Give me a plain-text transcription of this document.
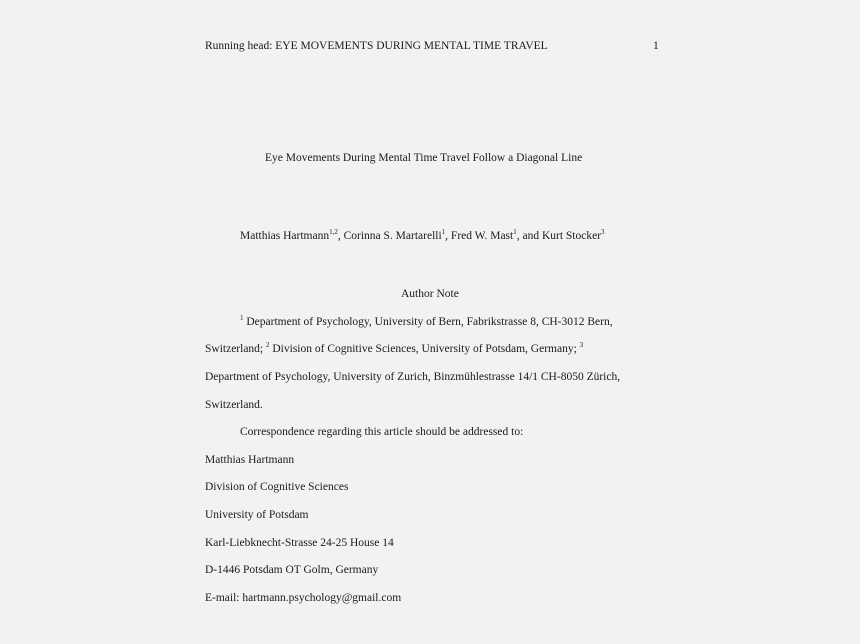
Running head: EYE MOVEMENTS DURING MENTAL TIME TRAVEL	1
Eye Movements During Mental Time Travel Follow a Diagonal Line
Matthias Hartmann$^{1,2}$, Corinna S. Martarelli$^1$, Fred W. Mast$^1$, and Kurt Stocker$^3$
Author Note
$^1$ Department of Psychology, University of Bern, Fabrikstrasse 8, CH-3012 Bern,
Switzerland; $^2$ Division of Cognitive Sciences, University of Potsdam, Germany; $^3$
Department of Psychology, University of Zurich, Binzmühlestrasse 14/1 CH-8050 Zürich,
Switzerland.
Correspondence regarding this article should be addressed to:
Matthias Hartmann
Division of Cognitive Sciences
University of Potsdam
Karl-Liebknecht-Strasse 24-25 House 14
D-1446 Potsdam OT Golm, Germany
E-mail: hartmann.psychology@gmail.com
